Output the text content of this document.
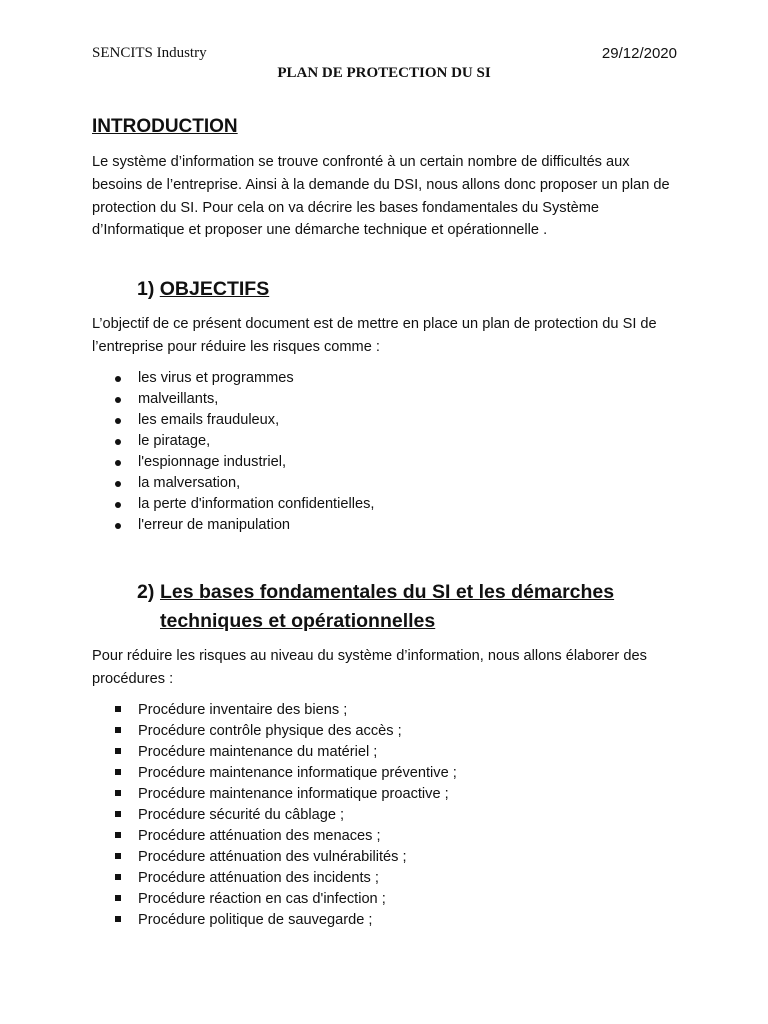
SENCITS Industry	29/12/2020
PLAN DE PROTECTION DU SI
INTRODUCTION

Le système d’information se trouve confronté à un certain nombre de difficultés aux besoins de l’entreprise. Ainsi à la demande du DSI, nous allons donc proposer un plan de protection du SI. Pour cela on va décrire les bases fondamentales du Système d’Informatique et proposer une démarche technique et opérationnelle .

1) OBJECTIFS

L’objectif de ce présent document est de mettre en place un plan de protection du SI de l’entreprise pour réduire les risques comme :

les virus et programmes
malveillants,
les emails frauduleux,
le piratage,
l'espionnage industriel,
la malversation,
la perte d'information confidentielles,
l'erreur de manipulation
2) Les bases fondamentales du SI et les démarches
techniques et opérationnelles

Pour réduire les risques au niveau du système d’information, nous allons élaborer des procédures :

Procédure inventaire des biens ;
Procédure contrôle physique des accès ;
Procédure maintenance du matériel ;
Procédure maintenance informatique préventive ;
Procédure maintenance informatique proactive ;
Procédure sécurité du câblage ;
Procédure atténuation des menaces ;
Procédure atténuation des vulnérabilités ;
Procédure atténuation des incidents ;
Procédure réaction en cas d'infection ;
Procédure politique de sauvegarde ;
